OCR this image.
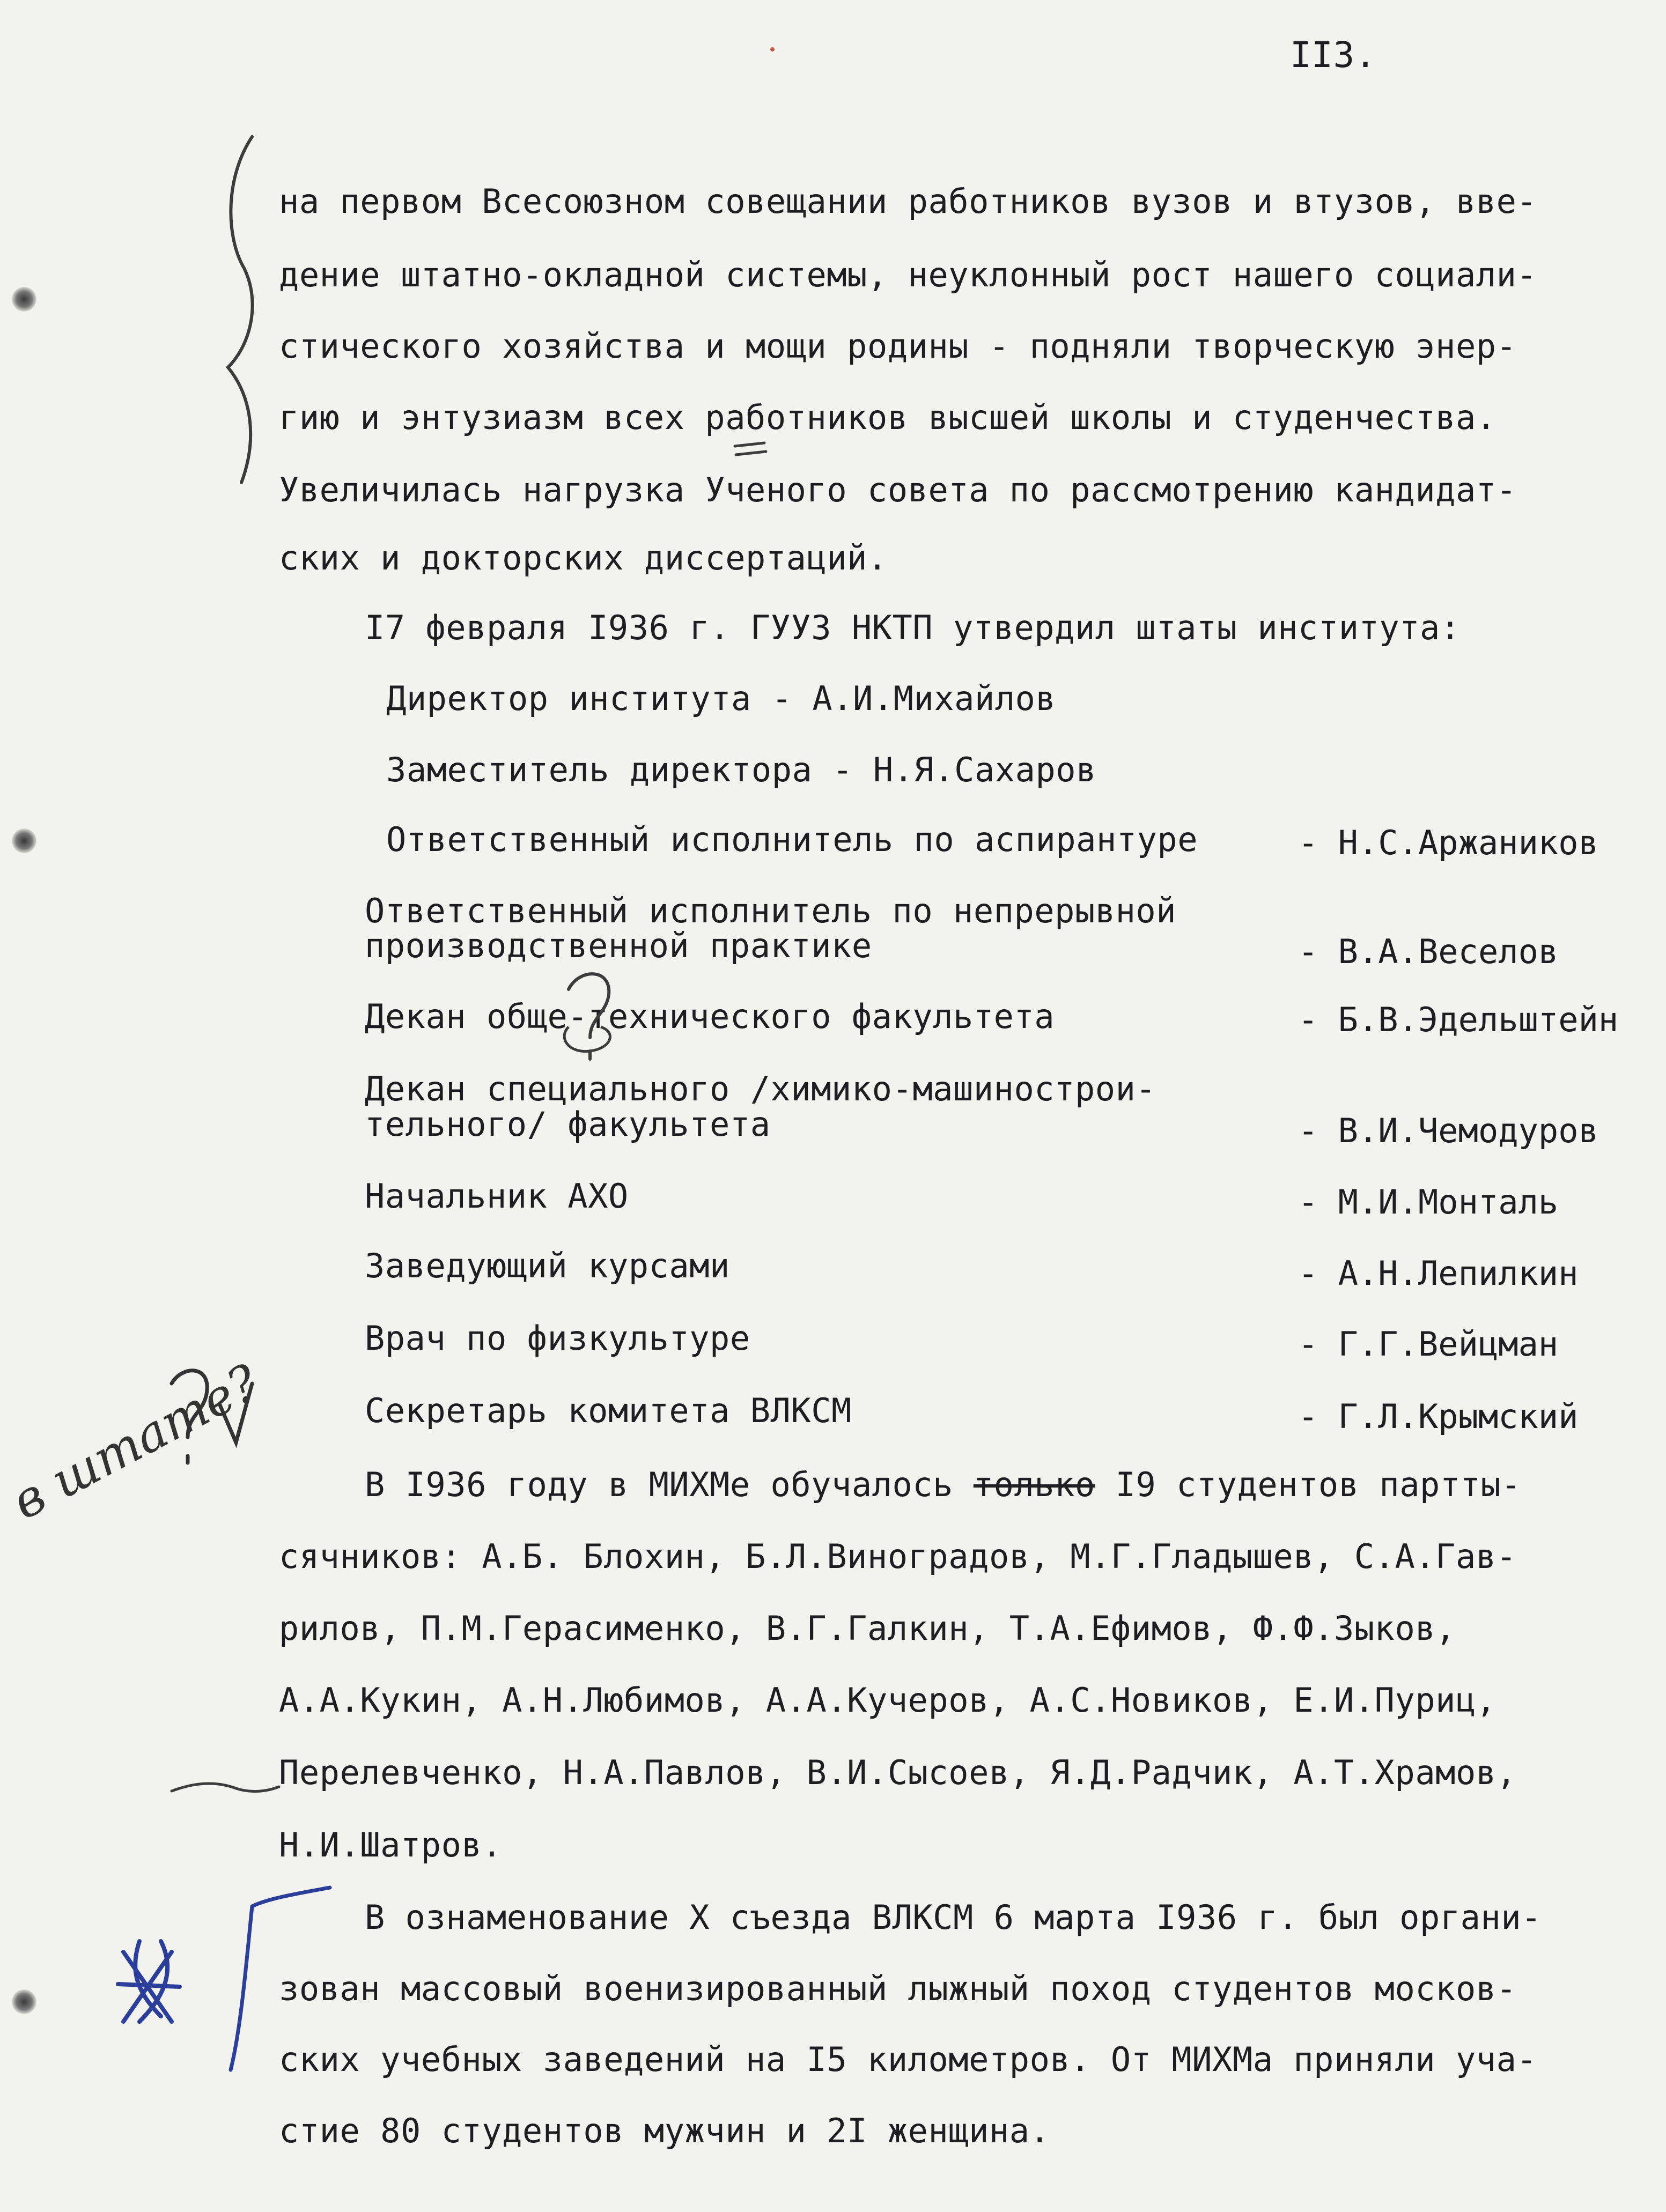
II3.
на первом Всесоюзном совещании работников вузов и втузов, вве-
дение штатно-окладной системы, неуклонный рост нашего социали-
стического хозяйства и мощи родины - подняли творческую энер-
гию и энтузиазм всех работников высшей школы и студенчества.
Увеличилась нагрузка Ученого совета по рассмотрению кандидат-
ских и докторских диссертаций.
I7 февраля I936 г. ГУУЗ НКТП утвердил штаты института:
Директор института - А.И.Михайлов
Заместитель директора - Н.Я.Сахаров
Ответственный исполнитель по аспирантуре	- Н.С.Аржаников
Ответственный исполнитель по непрерывной
производственной практике	- В.А.Веселов
Декан обще-технического факультета	- Б.В.Эдельштейн
Декан специального /химико-машинострои-
тельного/ факультета	- В.И.Чемодуров
Начальник АХО	- М.И.Монталь
Заведующий курсами	- А.Н.Лепилкин
Врач по физкультуре	- Г.Г.Вейцман
Секретарь комитета ВЛКСМ	- Г.Л.Крымский
В I936 году в МИХМе обучалось только I9 студентов партты-
сячников: А.Б. Блохин, Б.Л.Виноградов, М.Г.Гладышев, С.А.Гав-
рилов, П.М.Герасименко, В.Г.Галкин, Т.А.Ефимов, Ф.Ф.Зыков,
А.А.Кукин, А.Н.Любимов, А.А.Кучеров, А.С.Новиков, Е.И.Пуриц,
Перелевченко, Н.А.Павлов, В.И.Сысоев, Я.Д.Радчик, А.Т.Храмов,
Н.И.Шатров.
В ознаменование Х съезда ВЛКСМ 6 марта I936 г. был органи-
зован массовый военизированный лыжный поход студентов москов-
ских учебных заведений на I5 километров. От МИХМа приняли уча-
стие 80 студентов мужчин и 2I женщина.
в штате?
